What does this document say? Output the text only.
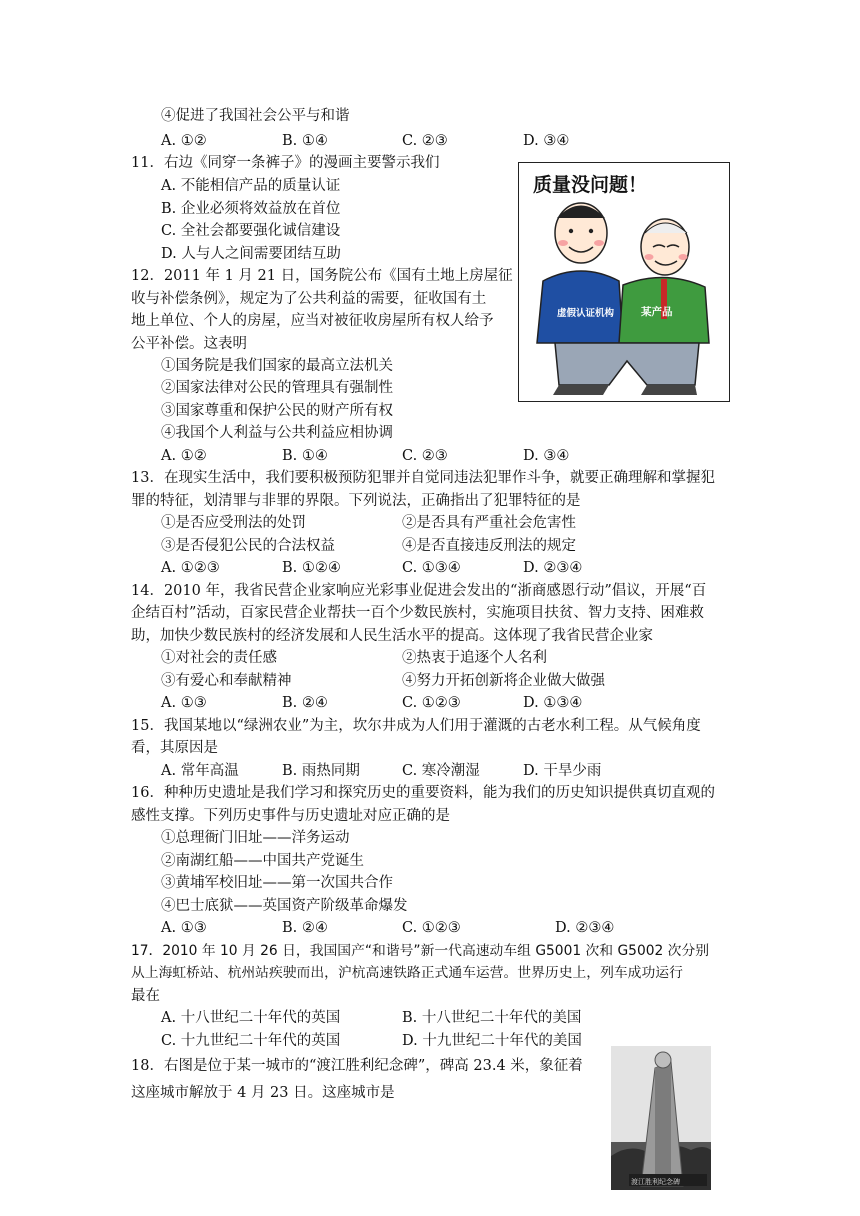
④促进了我国社会公平与和谐
A. ①②	B. ①④	C. ②③	D. ③④
11．右边《同穿一条裤子》的漫画主要警示我们
A. 不能相信产品的质量认证
B. 企业必须将效益放在首位
C. 全社会都要强化诚信建设
D. 人与人之间需要团结互助
质量没问题！
虚假认证机构	某产品
12．2011 年 1 月 21 日，国务院公布《国有土地上房屋征
收与补偿条例》，规定为了公共利益的需要，征收国有土
地上单位、个人的房屋，应当对被征收房屋所有权人给予
公平补偿。这表明
①国务院是我们国家的最高立法机关
②国家法律对公民的管理具有强制性
③国家尊重和保护公民的财产所有权
④我国个人利益与公共利益应相协调
A. ①②	B. ①④	C. ②③	D. ③④
13．在现实生活中，我们要积极预防犯罪并自觉同违法犯罪作斗争，就要正确理解和掌握犯
罪的特征，划清罪与非罪的界限。下列说法，正确指出了犯罪特征的是
①是否应受刑法的处罚	②是否具有严重社会危害性
③是否侵犯公民的合法权益	④是否直接违反刑法的规定
A. ①②③	B. ①②④	C. ①③④	D. ②③④
14．2010 年，我省民营企业家响应光彩事业促进会发出的“浙商感恩行动”倡议，开展“百
企结百村”活动，百家民营企业帮扶一百个少数民族村，实施项目扶贫、智力支持、困难救
助，加快少数民族村的经济发展和人民生活水平的提高。这体现了我省民营企业家
①对社会的责任感	②热衷于追逐个人名利
③有爱心和奉献精神	④努力开拓创新将企业做大做强
A. ①③	B. ②④	C. ①②③	D. ①③④
15．我国某地以“绿洲农业”为主，坎尔井成为人们用于灌溉的古老水利工程。从气候角度
看，其原因是
A. 常年高温	B. 雨热同期	C. 寒冷潮湿	D. 干旱少雨
16．种种历史遗址是我们学习和探究历史的重要资料，能为我们的历史知识提供真切直观的
感性支撑。下列历史事件与历史遗址对应正确的是
①总理衙门旧址——洋务运动
②南湖红船——中国共产党诞生
③黄埔军校旧址——第一次国共合作
④巴士底狱——英国资产阶级革命爆发
A. ①③	B. ②④	C. ①②③	D. ②③④
17．2010 年 10 月 26 日，我国国产“和谐号”新一代高速动车组 G5001 次和 G5002 次分别
从上海虹桥站、杭州站疾驶而出，沪杭高速铁路正式通车运营。世界历史上，列车成功运行
最在
A. 十八世纪二十年代的英国	B. 十八世纪二十年代的美国
C. 十九世纪二十年代的英国	D. 十九世纪二十年代的美国
18．右图是位于某一城市的“渡江胜利纪念碑”，碑高 23.4 米，象征着
这座城市解放于 4 月 23 日。这座城市是
渡江胜利纪念碑
